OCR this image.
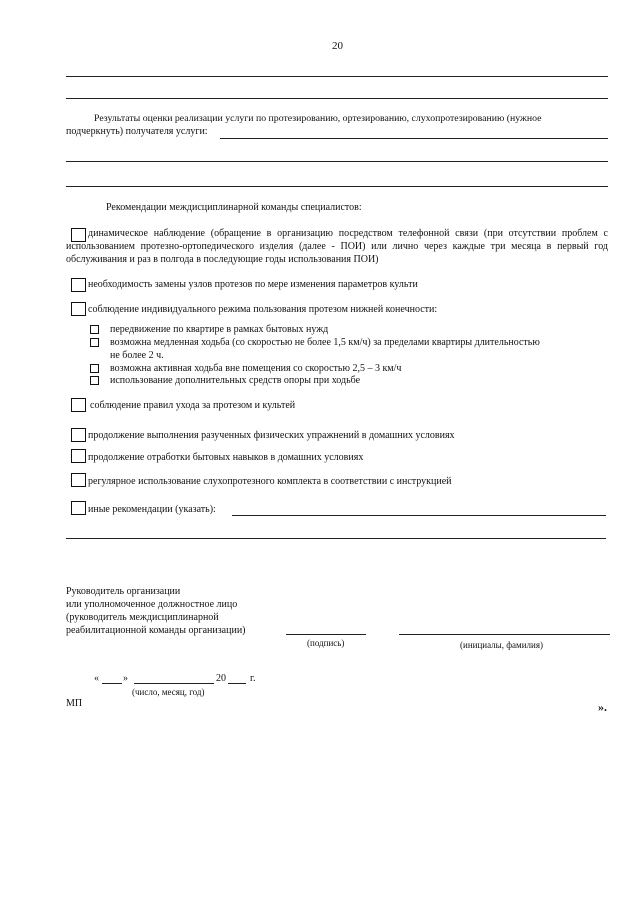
20
Результаты оценки реализации услуги по протезированию, ортезированию, слухопротезированию (нужное
подчеркнуть) получателя услуги:
Рекомендации междисциплинарной команды специалистов:
динамическое наблюдение (обращение в организацию посредством телефонной связи (при отсутствии проблем с использованием протезно-ортопедического изделия (далее - ПОИ) или лично через каждые три месяца в первый год обслуживания и раз в полгода в последующие годы использования ПОИ)
необходимость замены узлов протезов по мере изменения параметров культи
соблюдение индивидуального режима пользования протезом нижней конечности:
передвижение по квартире в рамках бытовых нужд
возможна медленная ходьба (со скоростью не более 1,5 км/ч) за пределами квартиры длительностью
не более 2 ч.
возможна активная ходьба вне помещения со скоростью 2,5 – 3 км/ч
использование дополнительных средств опоры при ходьбе
соблюдение правил ухода за протезом и культей
продолжение выполнения разученных физических упражнений в домашних условиях
продолжение отработки бытовых навыков в домашних условиях
регулярное использование слухопротезного комплекта в соответствии с инструкцией
иные рекомендации (указать):
Руководитель организации
или уполномоченное должностное лицо
(руководитель междисциплинарной
реабилитационной команды организации)
(подпись)	(инициалы, фамилия)
« »	20 г.
(число, месяц, год)
МП	».
